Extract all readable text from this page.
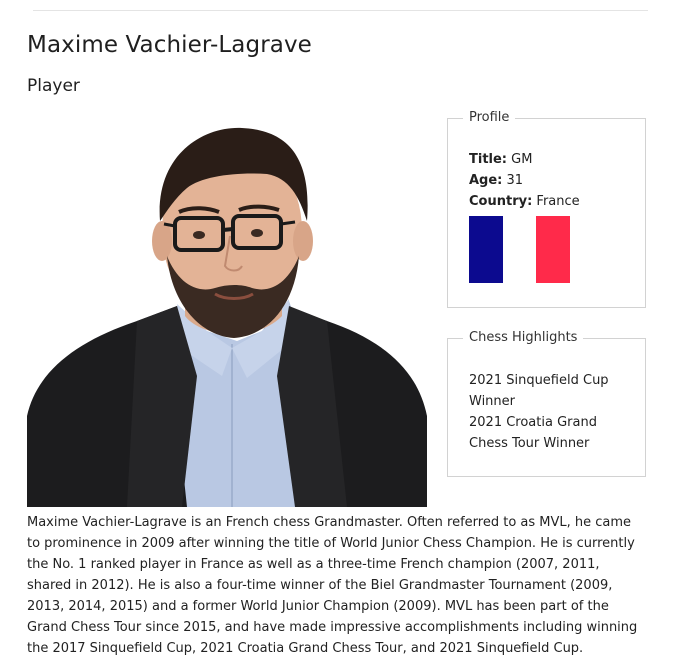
Maxime Vachier-Lagrave
Player
Profile
Title: GM
Age: 31
Country: France
Chess Highlights
2021 Sinquefield Cup Winner
2021 Croatia Grand Chess Tour Winner

Maxime Vachier-Lagrave is an French chess Grandmaster. Often referred to as MVL, he came to prominence in 2009 after winning the title of World Junior Chess Champion. He is currently the No. 1 ranked player in France as well as a three-time French champion (2007, 2011, shared in 2012). He is also a four-time winner of the Biel Grandmaster Tournament (2009, 2013, 2014, 2015) and a former World Junior Champion (2009). MVL has been part of the Grand Chess Tour since 2015, and have made impressive accomplishments including winning the 2017 Sinquefield Cup, 2021 Croatia Grand Chess Tour, and 2021 Sinquefield Cup.
